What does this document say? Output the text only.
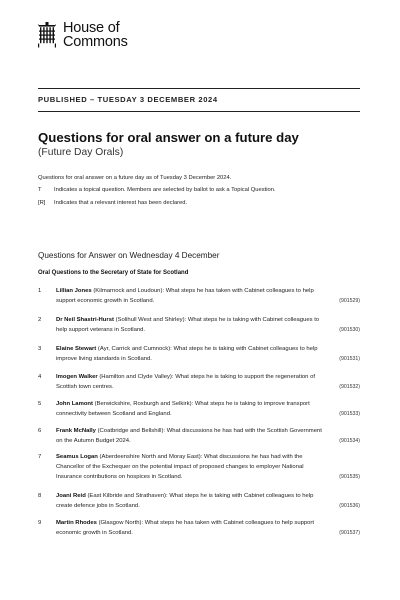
House of
Commons
PUBLISHED – TUESDAY 3 DECEMBER 2024
Questions for oral answer on a future day
(Future Day Orals)
Questions for oral answer on a future day as of Tuesday 3 December 2024.
T Indicates a topical question. Members are selected by ballot to ask a Topical Question.
[R] Indicates that a relevant interest has been declared.
Questions for Answer on Wednesday 4 December
Oral Questions to the Secretary of State for Scotland
1	Lillian Jones (Kilmarnock and Loudoun): What steps he has taken with Cabinet colleagues to help support economic growth in Scotland.	(901529)
2	Dr Neil Shastri-Hurst (Solihull West and Shirley): What steps he is taking with Cabinet colleagues to help support veterans in Scotland.	(901530)
3	Elaine Stewart (Ayr, Carrick and Cumnock): What steps he is taking with Cabinet colleagues to help improve living standards in Scotland.	(901531)
4	Imogen Walker (Hamilton and Clyde Valley): What steps he is taking to support the regeneration of Scottish town centres.	(901532)
5	John Lamont (Berwickshire, Roxburgh and Selkirk): What steps he is taking to improve transport connectivity between Scotland and England.	(901533)
6	Frank McNally (Coatbridge and Bellshill): What discussions he has had with the Scottish Government on the Autumn Budget 2024.	(901534)
7	Seamus Logan (Aberdeenshire North and Moray East): What discussions he has had with the Chancellor of the Exchequer on the potential impact of proposed changes to employer National Insurance contributions on hospices in Scotland.	(901535)
8	Joani Reid (East Kilbride and Strathaven): What steps he is taking with Cabinet colleagues to help create defence jobs in Scotland.	(901536)
9	Martin Rhodes (Glasgow North): What steps he has taken with Cabinet colleagues to help support economic growth in Scotland.	(901537)
